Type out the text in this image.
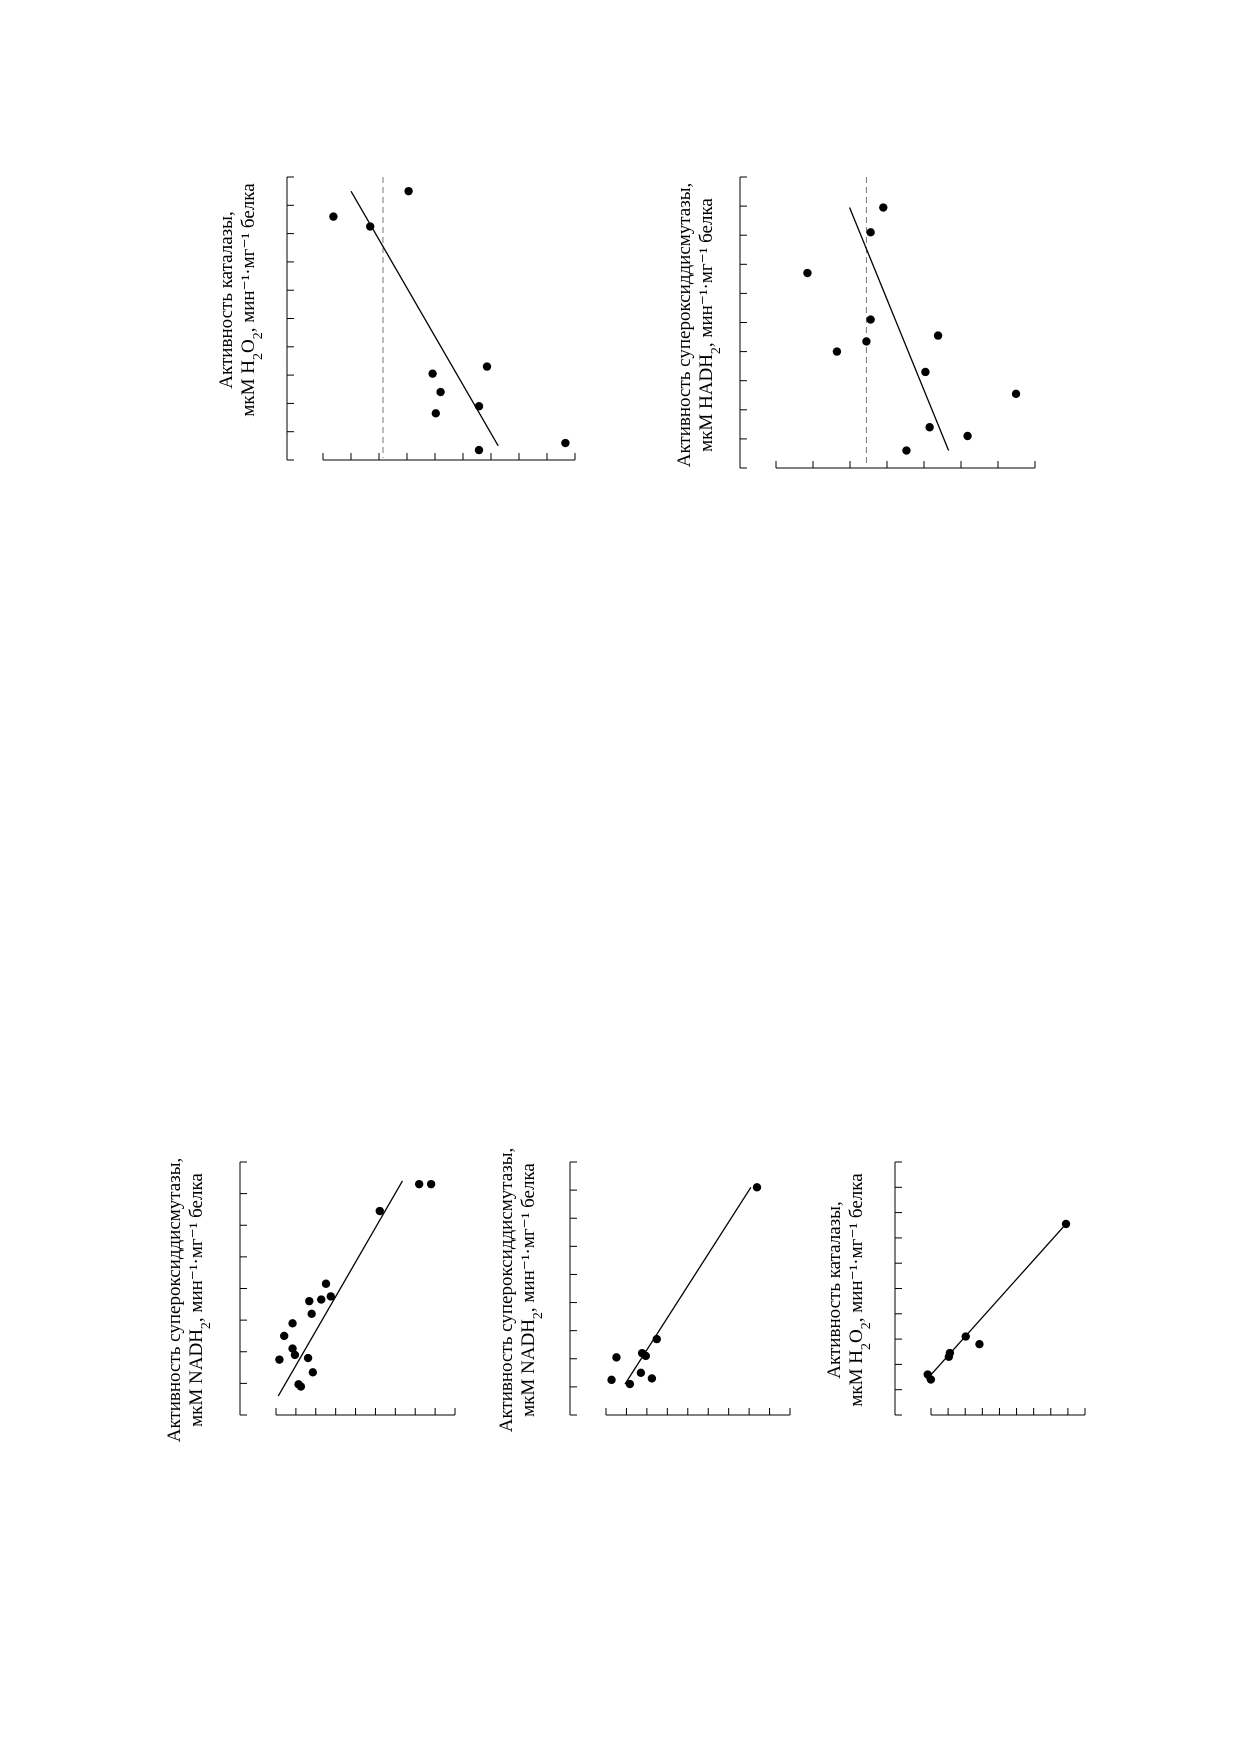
Активность каталазы,мкМ $H_2O_2$, мин⁻¹·мг⁻¹ белка	Активность супероксиддисмутазы,мкМ $НАDН_2$, мин⁻¹·мг⁻¹ белка
Активность супероксиддисмутазы,мкМ $NADH_2$, мин⁻¹·мг⁻¹ белка	Активность супероксиддисмутазы,мкМ $NADH_2$, мин⁻¹·мг⁻¹ белка	Активность каталазы,мкМ $H_2O_2$, мин⁻¹·мг⁻¹ белка
